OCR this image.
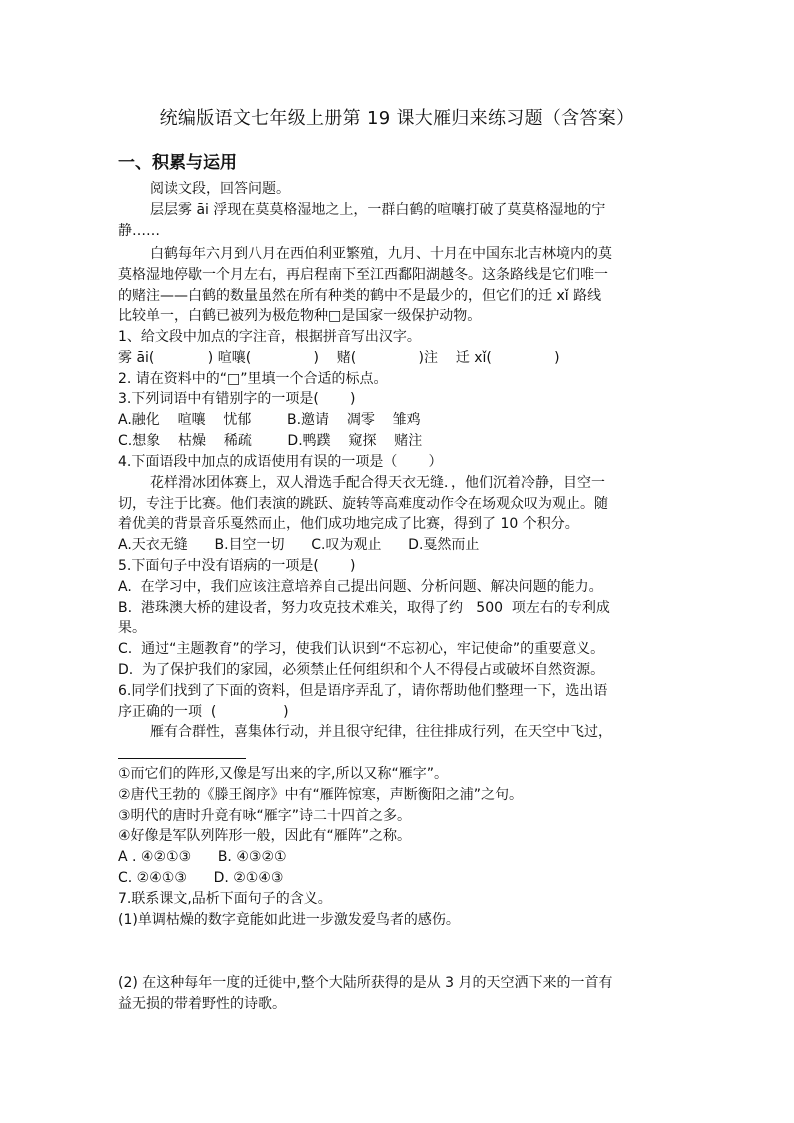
统编版语文七年级上册第 19 课大雁归来练习题（含答案）
一、积累与运用
阅读文段，回答问题。
层层雾 āi 浮现在莫莫格湿地之上，一群白鹤的喧嚷打破了莫莫格湿地的宁
静……
白鹤每年六月到八月在西伯利亚繁殖，九月、十月在中国东北吉林境内的莫
莫格湿地停歇一个月左右，再启程南下至江西鄱阳湖越冬。这条路线是它们唯一
的赌注——白鹤的数量虽然在所有种类的鹤中不是最少的，但它们的迁 xǐ 路线
比较单一，白鹤已被列为极危物种□是国家一级保护动物。
1、给文段中加点的字注音，根据拼音写出汉字。
雾 āi(            ) 喧嚷(              )    赌(              )注    迁 xǐ(              )
2. 请在资料中的“□”里填一个合适的标点。
3.下列词语中有错别字的一项是(       )
A.融化    喧嚷    忧郁        B.邀请    凋零    雏鸡
C.想象    枯燥    稀疏        D.鸭蹼    窥探    赌注
4.下面语段中加点的成语使用有误的一项是（       ）
花样滑冰团体赛上，双人滑选手配合得天衣无缝．，他们沉着冷静，目空一
切，专注于比赛。他们表演的跳跃、旋转等高难度动作令在场观众叹为观止。随
着优美的背景音乐戛然而止，他们成功地完成了比赛，得到了 10 个积分。
A.天衣无缝      B.目空一切      C.叹为观止      D.戛然而止
5.下面句子中没有语病的一项是(       )
A.  在学习中，我们应该注意培养自己提出问题、分析问题、解决问题的能力。
B.  港珠澳大桥的建设者，努力攻克技术难关，取得了约   500  项左右的专利成
果。
C.  通过“主题教育”的学习，使我们认识到“不忘初心，牢记使命”的重要意义。
D.  为了保护我们的家园，必须禁止任何组织和个人不得侵占或破坏自然资源。
6.同学们找到了下面的资料，但是语序弄乱了，请你帮助他们整理一下，选出语
序正确的一项  (               )
雁有合群性，喜集体行动，并且很守纪律，往往排成行列，在天空中飞过，
①而它们的阵形,又像是写出来的字,所以又称“雁字”。
②唐代王勃的《滕王阁序》中有“雁阵惊寒，声断衡阳之浦”之句。
③明代的唐时升竟有咏“雁字”诗二十四首之多。
④好像是军队列阵形一般，因此有“雁阵”之称。
A . ④②①③      B. ④③②①
C. ②④①③      D. ②①④③
7.联系课文,品析下面句子的含义。
(1)单调枯燥的数字竟能如此进一步激发爱鸟者的感伤。
(2) 在这种每年一度的迁徙中,整个大陆所获得的是从 3 月的天空洒下来的一首有
益无损的带着野性的诗歌。
